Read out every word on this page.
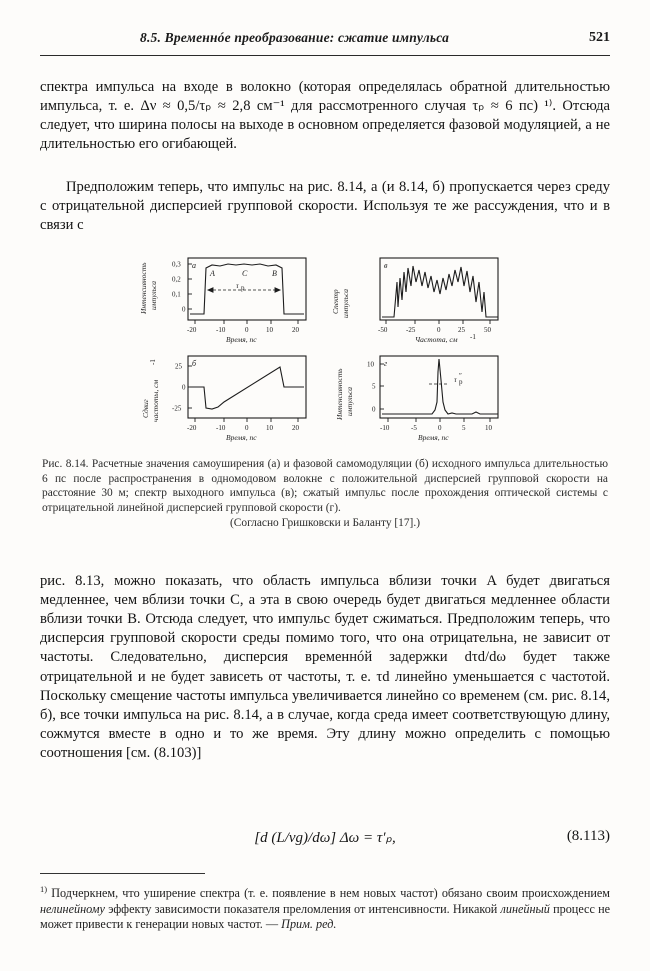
8.5. Временнóе преобразование: сжатие импульса	521

спектра импульса на входе в волокно (которая определялась обратной длительностью импульса, т. е. Δν ≈ 0,5/τₚ ≈ 2,8 см⁻¹ для рассмотренного случая τₚ ≈ 6 пс) ¹⁾. Отсюда следует, что ширина полосы на выходе в основном определяется фазовой модуляцией, а не длительностью его огибающей.

Предположим теперь, что импульс на рис. 8.14, а (и 8.14, б) пропускается через среду с отрицательной дисперсией групповой скорости. Используя те же рассуждения, что и в связи с

0,3
0,2
0,1
0
-20	-10	0	10	20
A	C	B
а
τ p
Интенсивность импульса
Время, пс
-50	-25	0	25	50
в
Спектр импульса
Частота, см -1
25
0
-25
-20	-10	0	10	20
б
Сдвиг частоты, см
-1
Время, пс
10
5
0
-10	-5	0	5	10
г
τ p
″
Интенсивность импульса
Время, пс
Рис. 8.14. Расчетные значения самоуширения (а) и фазовой самомодуляции (б) исходного импульса длительностью 6 пс после распространения в одномодовом волокне с положительной дисперсией групповой скорости на расстояние 30 м; спектр выходного импульса (в); сжатый импульс после прохождения оптической системы с отрицательной линейной дисперсией групповой скорости (г).
(Согласно Гришковски и Баланту [17].)

рис. 8.13, можно показать, что область импульса вблизи точки A будет двигаться медленнее, чем вблизи точки C, а эта в свою очередь будет двигаться медленнее области вблизи точки B. Отсюда следует, что импульс будет сжиматься. Предположим теперь, что дисперсия групповой скорости среды помимо того, что она отрицательна, не зависит от частоты. Следовательно, дисперсия временнóй задержки dτd/dω будет также отрицательной и не будет зависеть от частоты, т. е. τd линейно уменьшается с частотой. Поскольку смещение частоты импульса увеличивается линейно со временем (см. рис. 8.14, б), все точки импульса на рис. 8.14, а в случае, когда среда имеет соответствующую длину, сожмутся вместе в одно и то же время. Эту длину можно определить с помощью соотношения [см. (8.103)]

[d (L/vg)/dω] Δω = τ′ₚ,	(8.113)
$^{1)}$ Подчеркнем, что уширение спектра (т. е. появление в нем новых частот) обязано своим происхождением нелинейному эффекту зависимости показателя преломления от интенсивности. Никакой линейный процесс не может привести к генерации новых частот. — Прим. ред.
